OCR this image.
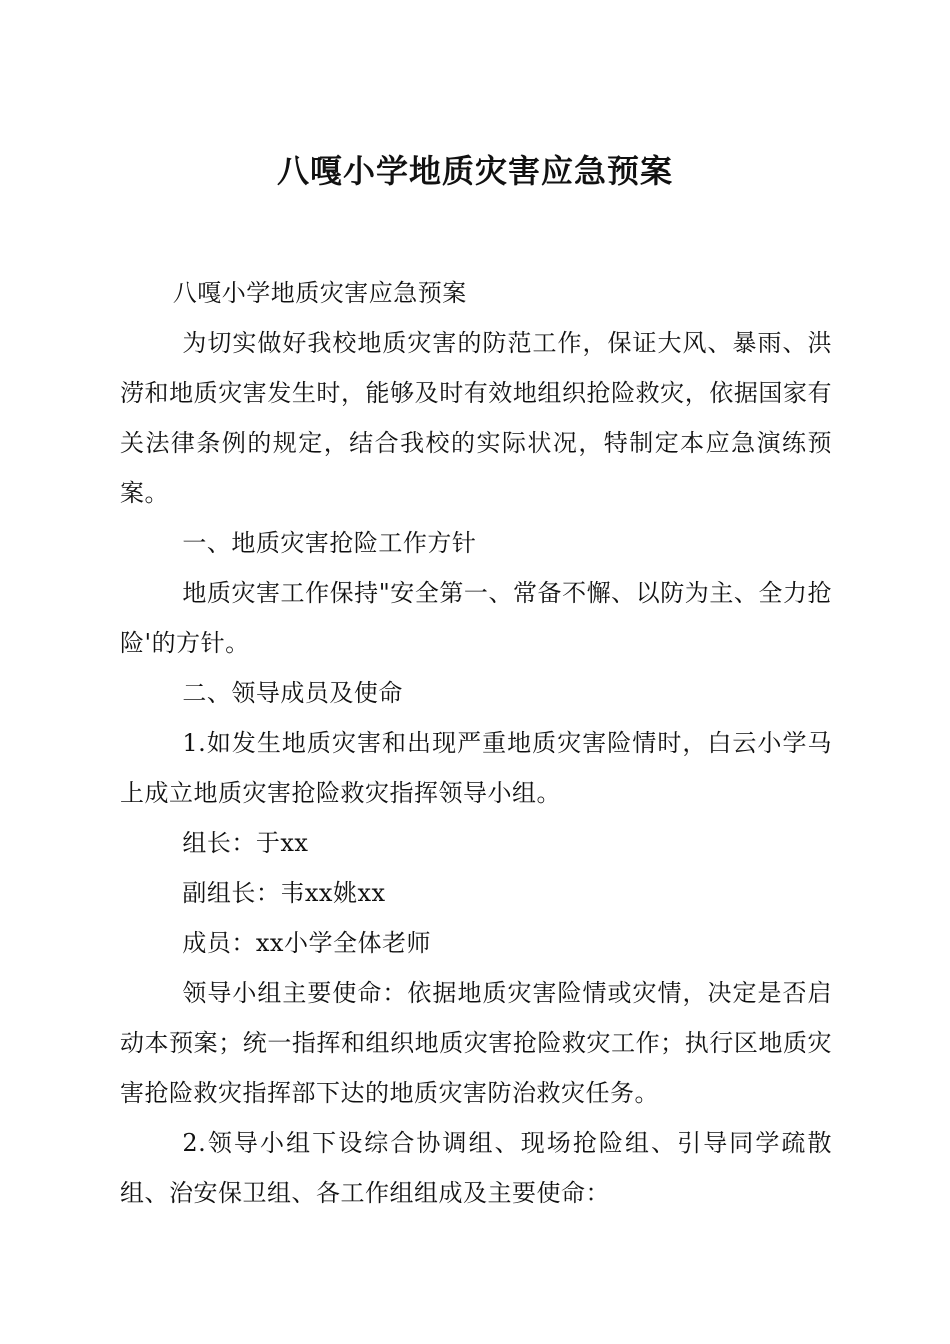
八嘎小学地质灾害应急预案

八嘎小学地质灾害应急预案

为切实做好我校地质灾害的防范工作，保证大风、暴雨、洪涝和地质灾害发生时，能够及时有效地组织抢险救灾，依据国家有关法律条例的规定，结合我校的实际状况，特制定本应急演练预案。

一、地质灾害抢险工作方针

地质灾害工作保持"安全第一、常备不懈、以防为主、全力抢险'的方针。

二、领导成员及使命

1.如发生地质灾害和出现严重地质灾害险情时，白云小学马上成立地质灾害抢险救灾指挥领导小组。

组长：于xx

副组长：韦xx姚xx

成员：xx小学全体老师

领导小组主要使命：依据地质灾害险情或灾情，决定是否启动本预案；统一指挥和组织地质灾害抢险救灾工作；执行区地质灾害抢险救灾指挥部下达的地质灾害防治救灾任务。

2.领导小组下设综合协调组、现场抢险组、引导同学疏散组、治安保卫组、各工作组组成及主要使命：
